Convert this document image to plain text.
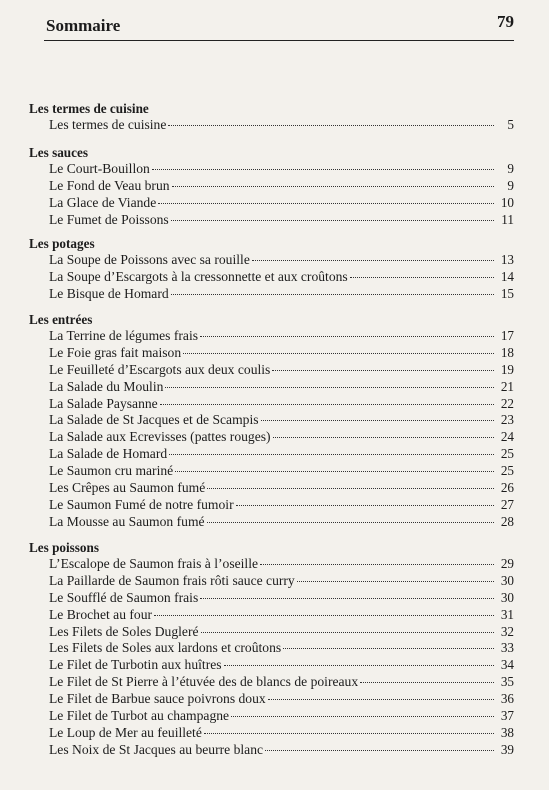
Sommaire	79
Les termes de cuisine
Les termes de cuisine	5
Les sauces
Le Court-Bouillon	9
Le Fond de Veau brun	9
La Glace de Viande	10
Le Fumet de Poissons	11
Les potages
La Soupe de Poissons avec sa rouille	13
La Soupe d’Escargots à la cressonnette et aux croûtons	14
Le Bisque de Homard	15
Les entrées
La Terrine de légumes frais	17
Le Foie gras fait maison	18
Le Feuilleté d’Escargots aux deux coulis	19
La Salade du Moulin	21
La Salade Paysanne	22
La Salade de St Jacques et de Scampis	23
La Salade aux Ecrevisses (pattes rouges)	24
La Salade de Homard	25
Le Saumon cru mariné	25
Les Crêpes au Saumon fumé	26
Le Saumon Fumé de notre fumoir	27
La Mousse au Saumon fumé	28
Les poissons
L’Escalope de Saumon frais à l’oseille	29
La Paillarde de Saumon frais rôti sauce curry	30
Le Soufflé de Saumon frais	30
Le Brochet au four	31
Les Filets de Soles Dugleré	32
Les Filets de Soles aux lardons et croûtons	33
Le Filet de Turbotin aux huîtres	34
Le Filet de St Pierre à l’étuvée des de blancs de poireaux	35
Le Filet de Barbue sauce poivrons doux	36
Le Filet de Turbot au champagne	37
Le Loup de Mer au feuilleté	38
Les Noix de St Jacques au beurre blanc	39
